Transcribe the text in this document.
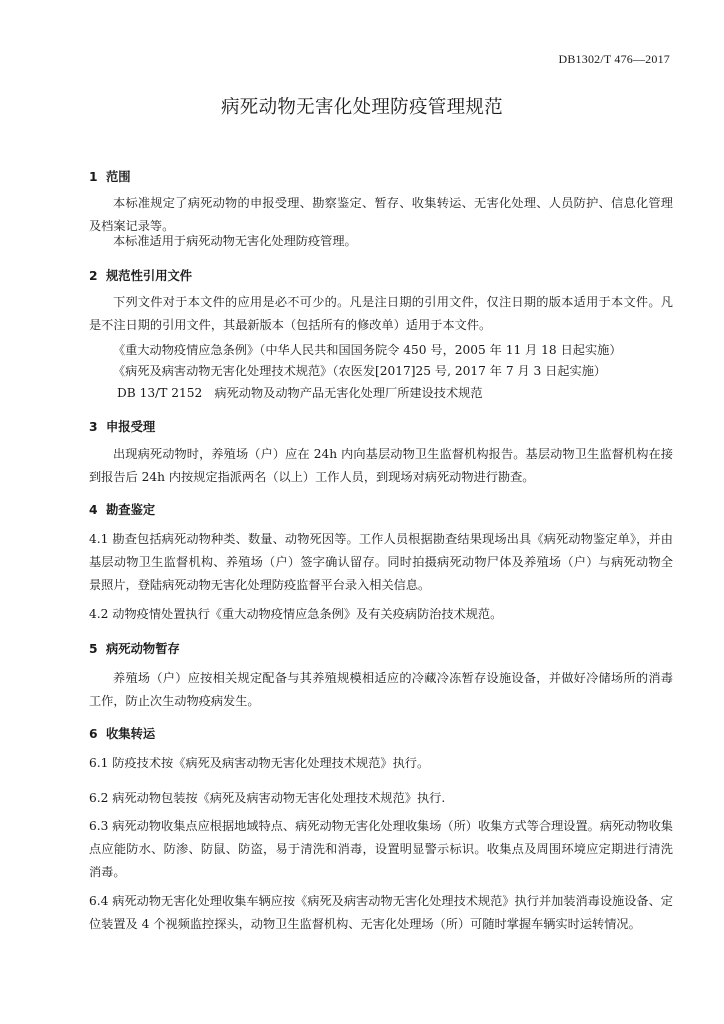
DB1302/T 476—2017
病死动物无害化处理防疫管理规范
1 范围
本标准规定了病死动物的申报受理、勘察鉴定、暂存、收集转运、无害化处理、人员防护、信息化管理及档案记录等。
本标准适用于病死动物无害化处理防疫管理。
2 规范性引用文件
下列文件对于本文件的应用是必不可少的。凡是注日期的引用文件，仅注日期的版本适用于本文件。凡是不注日期的引用文件，其最新版本（包括所有的修改单）适用于本文件。
《重大动物疫情应急条例》（中华人民共和国国务院令 450 号，2005 年 11 月 18 日起实施）
《病死及病害动物无害化处理技术规范》（农医发[2017]25 号, 2017 年 7 月 3 日起实施）
DB 13/T 2152　病死动物及动物产品无害化处理厂所建设技术规范
3 申报受理
出现病死动物时，养殖场（户）应在 24h 内向基层动物卫生监督机构报告。基层动物卫生监督机构在接到报告后 24h 内按规定指派两名（以上）工作人员，到现场对病死动物进行勘查。
4 勘查鉴定
4.1 勘查包括病死动物种类、数量、动物死因等。工作人员根据勘查结果现场出具《病死动物鉴定单》，并由基层动物卫生监督机构、养殖场（户）签字确认留存。同时拍摄病死动物尸体及养殖场（户）与病死动物全景照片，登陆病死动物无害化处理防疫监督平台录入相关信息。
4.2 动物疫情处置执行《重大动物疫情应急条例》及有关疫病防治技术规范。
5 病死动物暂存
养殖场（户）应按相关规定配备与其养殖规模相适应的冷藏冷冻暂存设施设备，并做好冷储场所的消毒工作，防止次生动物疫病发生。
6 收集转运
6.1 防疫技术按《病死及病害动物无害化处理技术规范》执行。
6.2 病死动物包装按《病死及病害动物无害化处理技术规范》执行.
6.3 病死动物收集点应根据地域特点、病死动物无害化处理收集场（所）收集方式等合理设置。病死动物收集点应能防水、防渗、防鼠、防盗，易于清洗和消毒，设置明显警示标识。收集点及周围环境应定期进行清洗消毒。
6.4 病死动物无害化处理收集车辆应按《病死及病害动物无害化处理技术规范》执行并加装消毒设施设备、定位装置及 4 个视频监控探头，动物卫生监督机构、无害化处理场（所）可随时掌握车辆实时运转情况。
